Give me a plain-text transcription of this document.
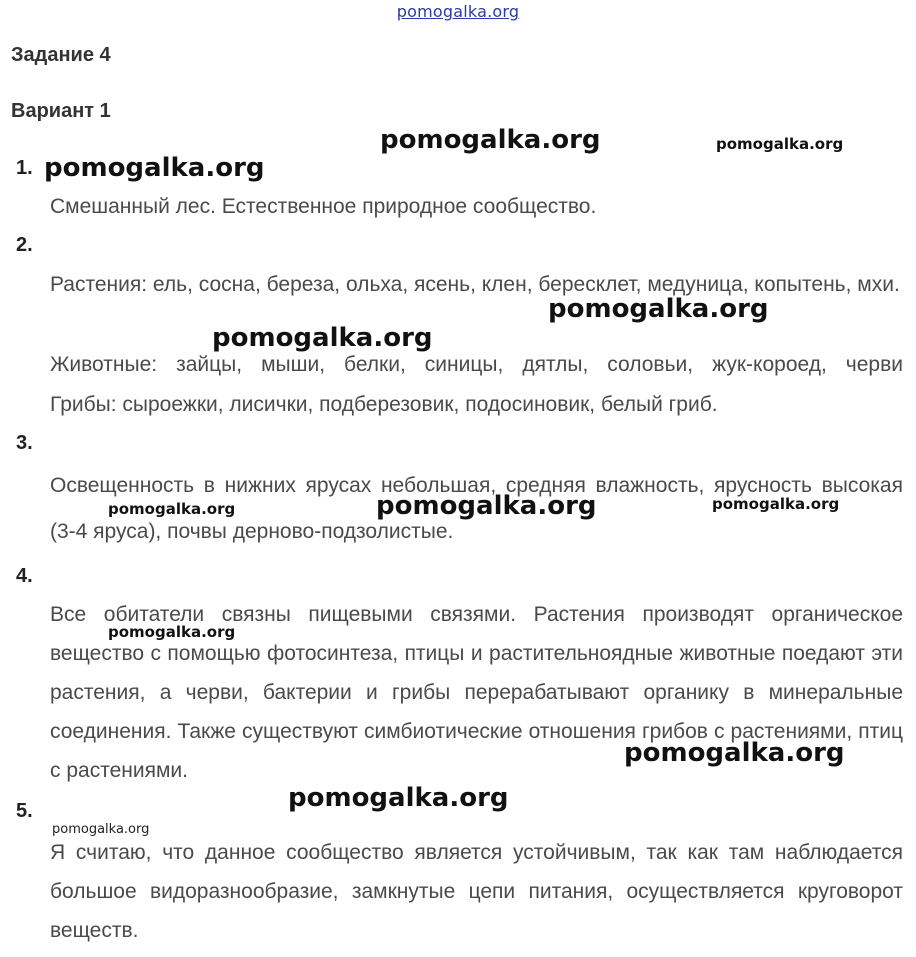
pomogalka.org
Задание 4
Вариант 1
1.
Смешанный лес. Естественное природное сообщество.
2.
Растения: ель, сосна, береза, ольха, ясень, клен, бересклет, медуница, копытень, мхи.
Животные: зайцы, мыши, белки, синицы, дятлы, соловьи, жук-короед, черви
Грибы: сыроежки, лисички, подберезовик, подосиновик, белый гриб.
3.
Освещенность в нижних ярусах небольшая, средняя влажность, ярусность высокая (3-4 яруса), почвы дерново-подзолистые.
4.
Все обитатели связны пищевыми связями. Растения производят органическое вещество с помощью фотосинтеза, птицы и растительноядные животные поедают эти растения, а черви, бактерии и грибы перерабатывают органику в минеральные соединения. Также существуют симбиотические отношения грибов с растениями, птиц с растениями.
5.
Я считаю, что данное сообщество является устойчивым, так как там наблюдается большое видоразнообразие, замкнутые цепи питания, осуществляется круговорот веществ.
pomogalka.org	pomogalka.org
pomogalka.org
pomogalka.org
pomogalka.org
pomogalka.org	pomogalka.org	pomogalka.org
pomogalka.org
pomogalka.org
pomogalka.org
pomogalka.org
